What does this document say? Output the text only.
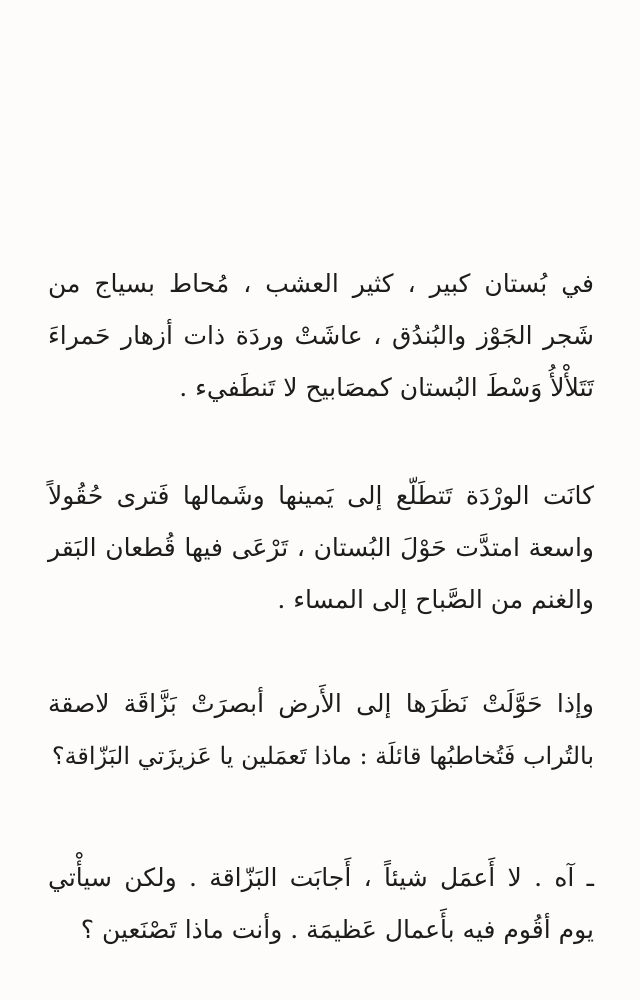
في بُستان كبير ، كثير العشب ، مُحاط بسياج من
شَجر الجَوْز والبُندُق ، عاشَتْ وردَة ذات أزهار حَمراءَ
تَتَلأْلأُ وَسْطَ البُستان كمصَابيح لا تَنطَفيء .
كانَت الورْدَة تَتطَلّع إلى يَمينها وشَمالها فَترى حُقُولاً
واسعة امتدَّت حَوْلَ البُستان ، تَرْعَى فيها قُطعان البَقر
والغنم من الصَّباح إلى المساء .
وإذا حَوَّلَتْ نَظَرَها إلى الأَرض أبصرَتْ بَزَّاقَة لاصقة
بالتُراب فَتُخاطبُها قائلَة : ماذا تَعمَلين يا عَزيزَتي البَزّاقة؟
ـ آه . لا أَعمَل شيئاً ، أَجابَت البَزّاقة . ولكن سيأْتي
يوم أقُوم فيه بأَعمال عَظيمَة . وأنت ماذا تَصْنَعين ؟
